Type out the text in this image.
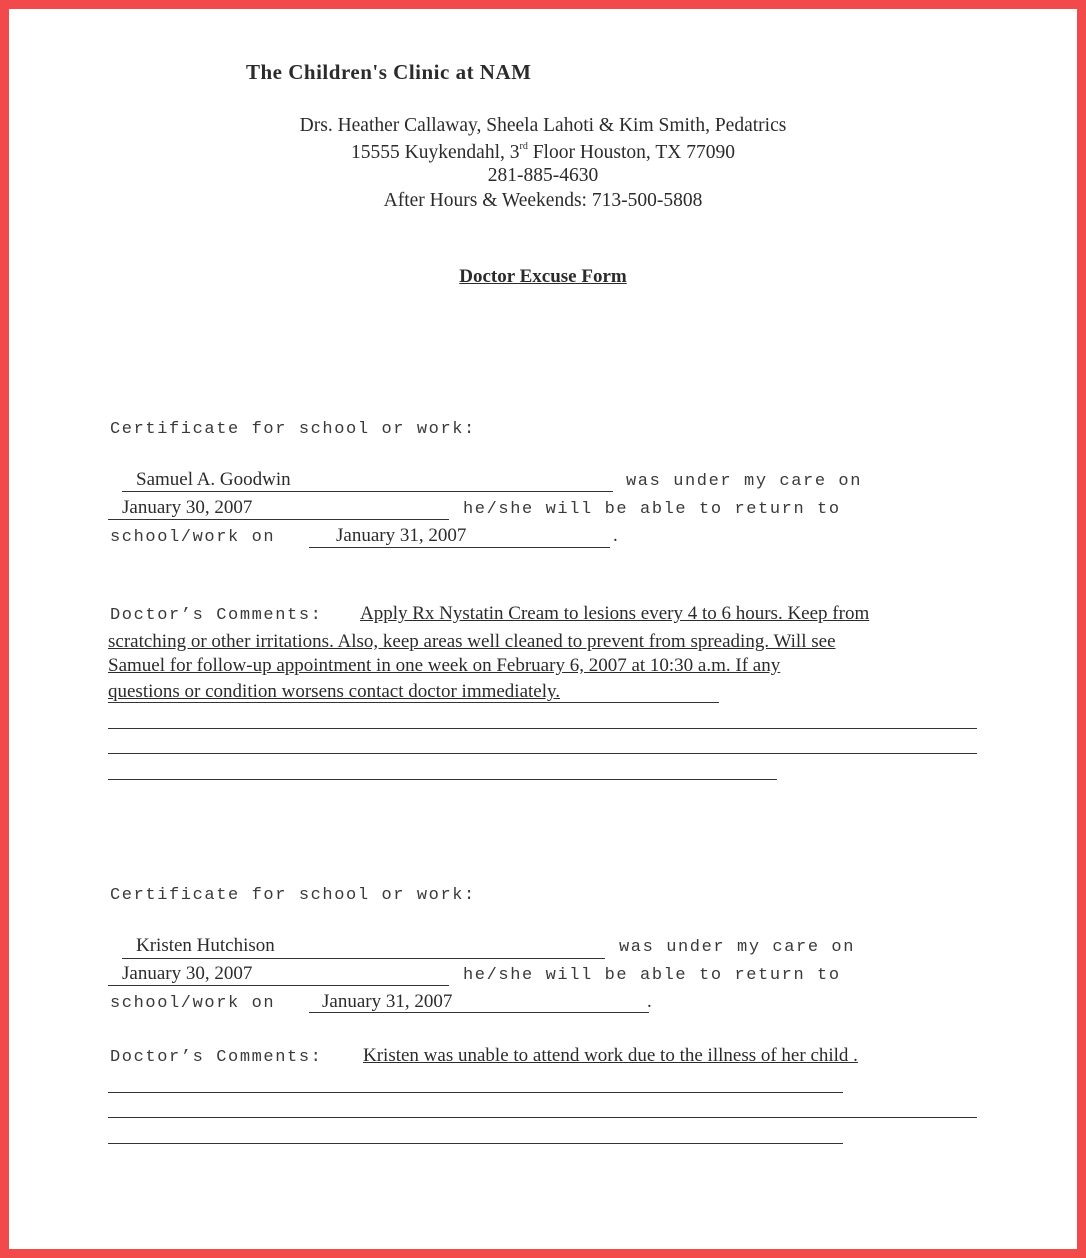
The Children's Clinic at NAM
Drs. Heather Callaway, Sheela Lahoti & Kim Smith, Pedatrics
15555 Kuykendahl, 3rd Floor Houston, TX 77090
281-885-4630
After Hours & Weekends: 713-500-5808
Doctor Excuse Form
Certificate for school or work:
Samuel A. Goodwin	was under my care on
January 30, 2007	he/she will be able to return to
school/work on	January 31, 2007	.
Doctor’s Comments: Apply Rx Nystatin Cream to lesions every 4 to 6 hours. Keep from
scratching or other irritations. Also, keep areas well cleaned to prevent from spreading. Will see
Samuel for follow-up appointment in one week on February 6, 2007 at 10:30 a.m. If any
questions or condition worsens contact doctor immediately.
Certificate for school or work:
Kristen Hutchison	was under my care on
January 30, 2007	he/she will be able to return to
school/work on January 31, 2007	.
Doctor’s Comments: Kristen was unable to attend work due to the illness of her child .
